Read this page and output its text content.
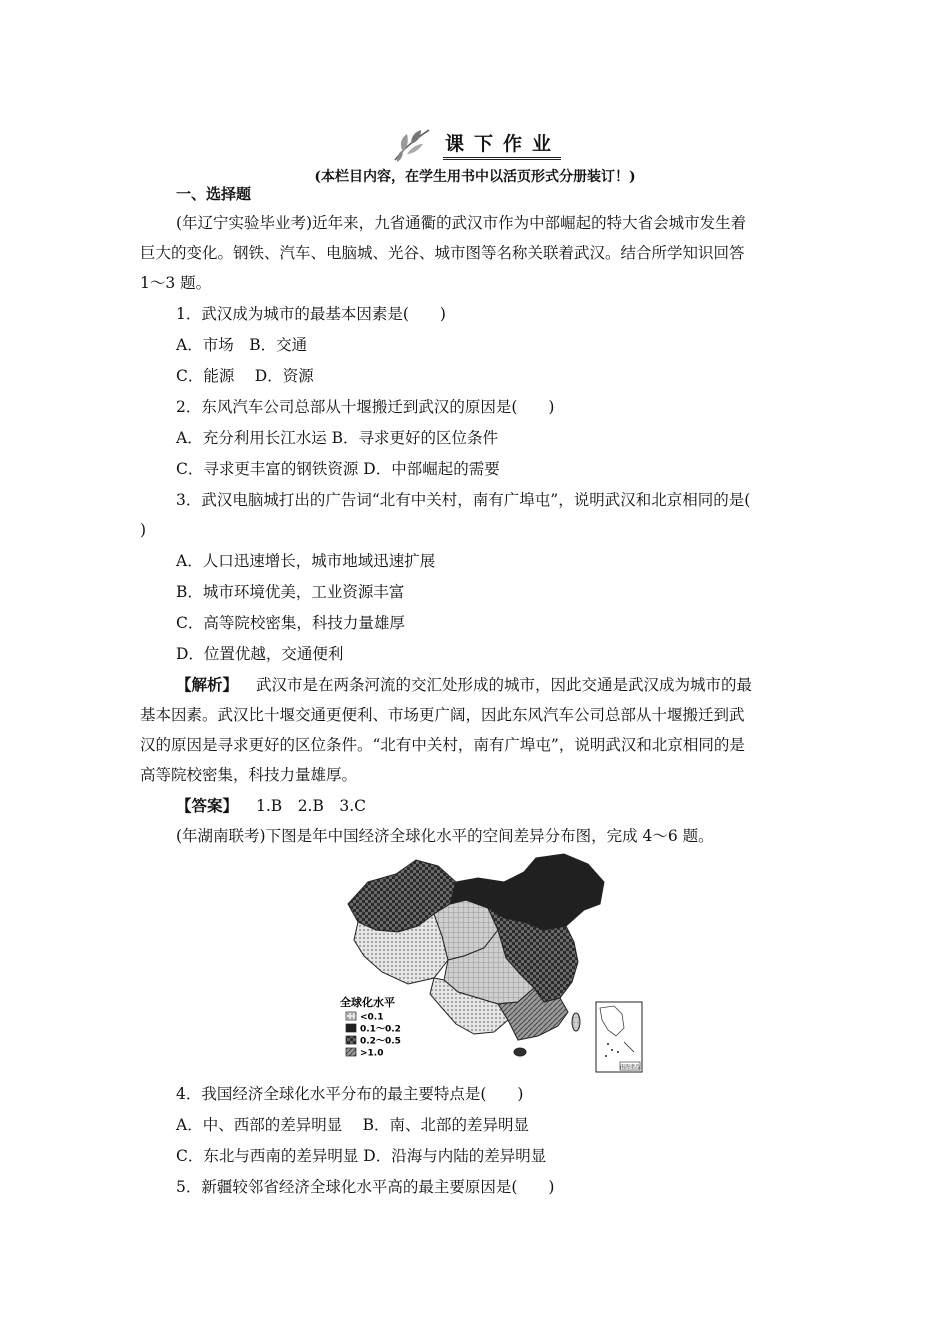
课下作业
(本栏目内容，在学生用书中以活页形式分册装订！)
一、选择题
(年辽宁实验毕业考)近年来，九省通衢的武汉市作为中部崛起的特大省会城市发生着
巨大的变化。钢铁、汽车、电脑城、光谷、城市图等名称关联着武汉。结合所学知识回答
1～3 题。
1．武汉成为城市的最基本因素是(　　)
A．市场　B．交通
C．能源　 D．资源
2．东风汽车公司总部从十堰搬迁到武汉的原因是(　　)
A．充分利用长江水运 B．寻求更好的区位条件
C．寻求更丰富的钢铁资源 D．中部崛起的需要
3．武汉电脑城打出的广告词“北有中关村，南有广埠屯”，说明武汉和北京相同的是(
)
A．人口迅速增长，城市地域迅速扩展
B．城市环境优美，工业资源丰富
C．高等院校密集，科技力量雄厚
D．位置优越，交通便利
【解析】 武汉市是在两条河流的交汇处形成的城市，因此交通是武汉成为城市的最
基本因素。武汉比十堰交通更便利、市场更广阔，因此东风汽车公司总部从十堰搬迁到武
汉的原因是寻求更好的区位条件。“北有中关村，南有广埠屯”，说明武汉和北京相同的是
高等院校密集，科技力量雄厚。
【答案】 1.B　2.B　3.C
(年湖南联考)下图是年中国经济全球化水平的空间差异分布图，完成 4～6 题。
南海诸岛
全球化水平
<0.1
0.1～0.2
0.2～0.5
>1.0
4．我国经济全球化水平分布的最主要特点是(　　)
A．中、西部的差异明显　 B．南、北部的差异明显
C．东北与西南的差异明显 D．沿海与内陆的差异明显
5．新疆较邻省经济全球化水平高的最主要原因是(　　)
